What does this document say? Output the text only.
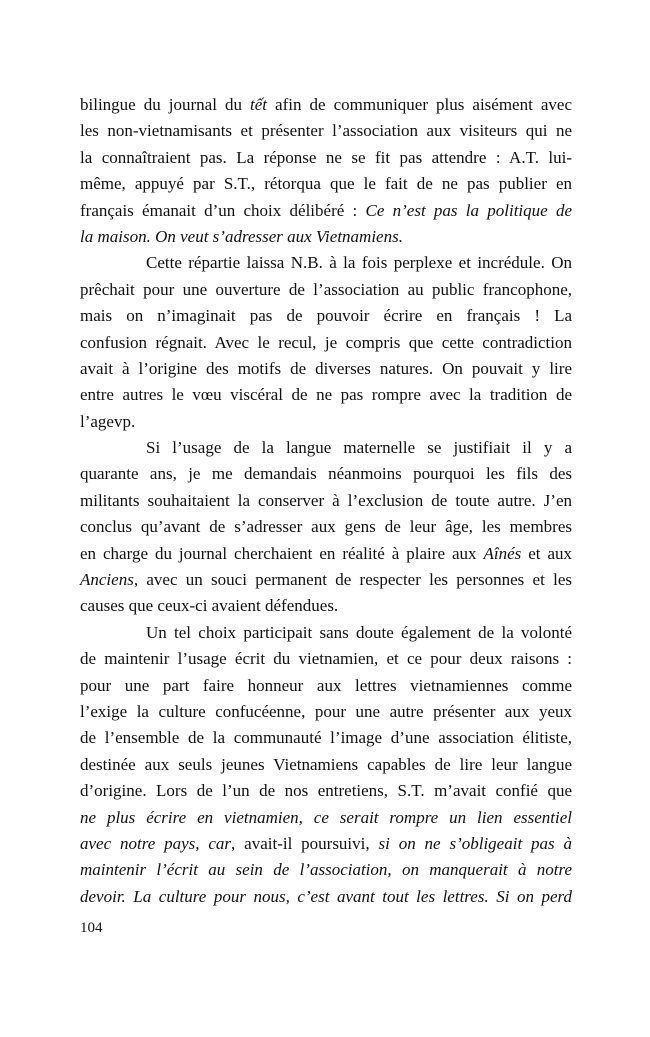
bilingue du journal du tết afin de communiquer plus aisément avec
les non-vietnamisants et présenter l’association aux visiteurs qui ne
la connaîtraient pas. La réponse ne se fit pas attendre : A.T. lui-
même, appuyé par S.T., rétorqua que le fait de ne pas publier en
français émanait d’un choix délibéré : Ce n’est pas la politique de
la maison. On veut s’adresser aux Vietnamiens.
Cette répartie laissa N.B. à la fois perplexe et incrédule. On
prêchait pour une ouverture de l’association au public francophone,
mais on n’imaginait pas de pouvoir écrire en français ! La
confusion régnait. Avec le recul, je compris que cette contradiction
avait à l’origine des motifs de diverses natures. On pouvait y lire
entre autres le vœu viscéral de ne pas rompre avec la tradition de
l’agevp.
Si l’usage de la langue maternelle se justifiait il y a
quarante ans, je me demandais néanmoins pourquoi les fils des
militants souhaitaient la conserver à l’exclusion de toute autre. J’en
conclus qu’avant de s’adresser aux gens de leur âge, les membres
en charge du journal cherchaient en réalité à plaire aux Aînés et aux
Anciens, avec un souci permanent de respecter les personnes et les
causes que ceux-ci avaient défendues.
Un tel choix participait sans doute également de la volonté
de maintenir l’usage écrit du vietnamien, et ce pour deux raisons :
pour une part faire honneur aux lettres vietnamiennes comme
l’exige la culture confucéenne, pour une autre présenter aux yeux
de l’ensemble de la communauté l’image d’une association élitiste,
destinée aux seuls jeunes Vietnamiens capables de lire leur langue
d’origine. Lors de l’un de nos entretiens, S.T. m’avait confié que
ne plus écrire en vietnamien, ce serait rompre un lien essentiel
avec notre pays, car, avait-il poursuivi, si on ne s’obligeait pas à
maintenir l’écrit au sein de l’association, on manquerait à notre
devoir. La culture pour nous, c’est avant tout les lettres. Si on perd
104
